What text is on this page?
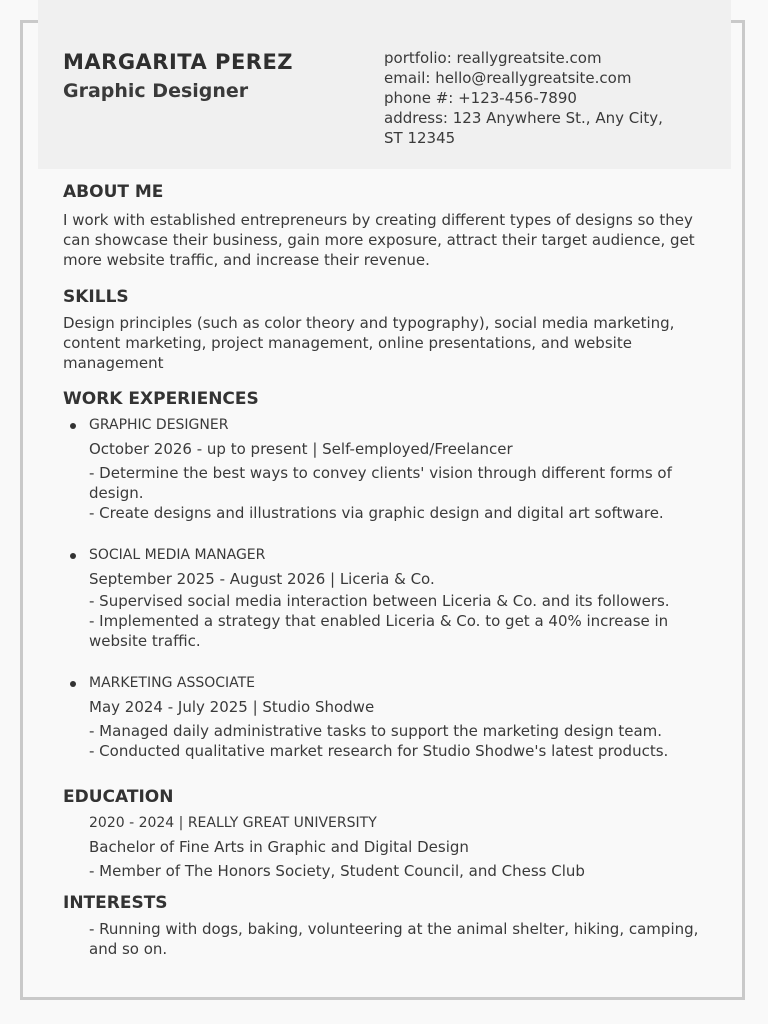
MARGARITA PEREZ
Graphic Designer
portfolio: reallygreatsite.com
email: hello@reallygreatsite.com
phone #: +123-456-7890
address: 123 Anywhere St., Any City,
ST 12345
ABOUT ME

I work with established entrepreneurs by creating different types of designs so they can showcase their business, gain more exposure, attract their target audience, get more website traffic, and increase their revenue.

SKILLS

Design principles (such as color theory and typography), social media marketing, content marketing, project management, online presentations, and website management

WORK EXPERIENCES

GRAPHIC DESIGNER

October 2026 - up to present | Self-employed/Freelancer

- Determine the best ways to convey clients' vision through different forms of design.

- Create designs and illustrations via graphic design and digital art software.

SOCIAL MEDIA MANAGER

September 2025 - August 2026 | Liceria & Co.

- Supervised social media interaction between Liceria & Co. and its followers.

- Implemented a strategy that enabled Liceria & Co. to get a 40% increase in website traffic.

MARKETING ASSOCIATE

May 2024 - July 2025 | Studio Shodwe

- Managed daily administrative tasks to support the marketing design team.

- Conducted qualitative market research for Studio Shodwe's latest products.

EDUCATION

2020 - 2024 | REALLY GREAT UNIVERSITY

Bachelor of Fine Arts in Graphic and Digital Design

- Member of The Honors Society, Student Council, and Chess Club

INTERESTS

- Running with dogs, baking, volunteering at the animal shelter, hiking, camping, and so on.
